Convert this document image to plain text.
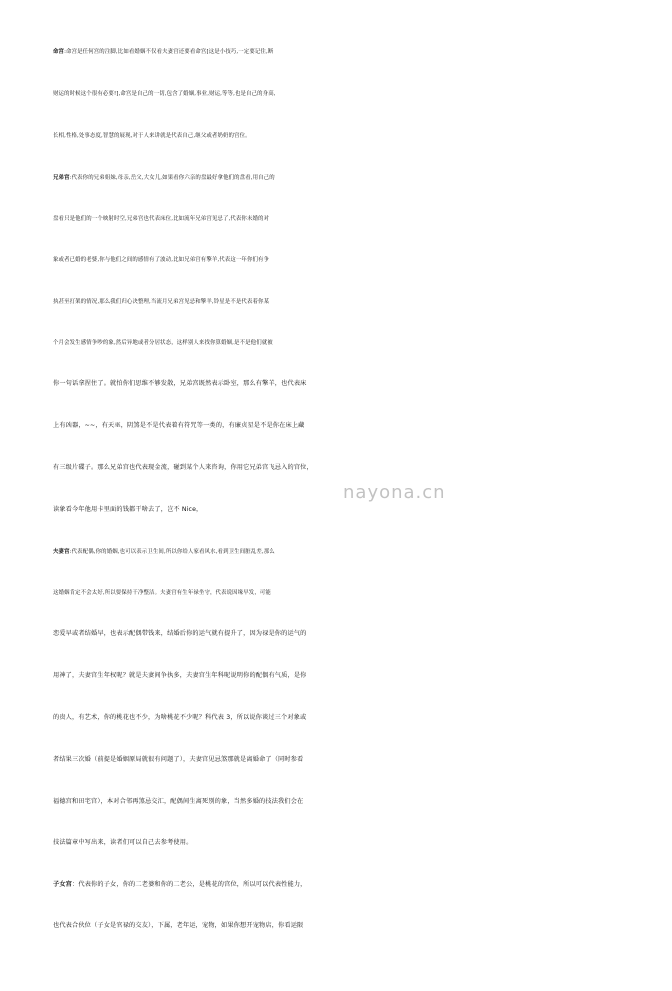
命宫:命宫是任何宫的注脚,比如看婚姻不仅看夫妻宫还要看命宫[这是小技巧,一定要记住,断
财运的时候这个很有必要!],命宫是自己的一切,包含了婚姻,事业,财运,等等,也是自己的身高,
长相,性格,处事态度,智慧的展现,对于人来讲就是代表自己,继父或者奶奶的宫位。
兄弟宫:代表你的兄弟姐妹,母亲,岳父,大女儿,如果看你六亲的盘最好拿他们的盘看,用自己的
盘看只是他们的一个映射时空,兄弟宫也代表床位,比如流年兄弟宫见忌了,代表你未婚的对
象或者已婚的老婆,你与他们之间的感情有了波动,比如兄弟宫有擎羊,代表这一年你们有争
执甚至打架的情况,那么我们归心决整理,当流月兄弟宫见忌和擎羊,铃星是不是代表着你某
个月会发生感情争吵的象,然后异地或者分居状态，这样别人来找你算婚姻,是不是他们就被
你一句话拿捏住了。就怕你们思维不够发散，兄弟宫既然表示卧室，那么有擎羊，也代表床
上有凶器，~~，有天巫，阴煞是不是代表着有符咒等一类的，有廉贞星是不是你在床上藏
有三级片碟子。那么兄弟宫也代表现金流，碰到某个人来咨询，你用它兄弟宫飞忌入的宫位，
读象看今年他用卡里面的钱都干啥去了，岂不 Nice，
夫妻宫:代表配偶,你的婚姻,也可以表示卫生间,所以你给人家看风水,看到卫生间脏乱差,那么
这婚姻肯定不会太好,所以要保持干净整洁。夫妻宫有生年禄坐守，代表说因缘早发，可能
恋爱早或者结婚早，也表示配偶带钱来，结婚后你的运气就有提升了，因为禄是你的运气的
用神了，夫妻宫生年权呢？就是夫妻间争执多，夫妻宫生年科呢说明你的配偶有气质，是你
的贵人，有艺术，你的桃花也不少，为啥桃花不少呢？科代表 3，所以说你谈过三个对象或
者结果三次婚（前提是婚姻原局就很有问题了），夫妻宫见忌煞那就是离婚命了（同时参看
福德宫和田宅宫），本对合邻再煞忌交汇，配偶间生离死别的象，当然多婚的技法我们会在
技法篇章中写出来，读者们可以自己去参考使用。
子女宫：代表你的子女，你的二老婆和你的二老公，是桃花的宫位，所以可以代表性能力，
也代表合伙位（子女是官禄的交友），下属，老年运，宠物，如果你想开宠物店，你看运限
nayona.cn
